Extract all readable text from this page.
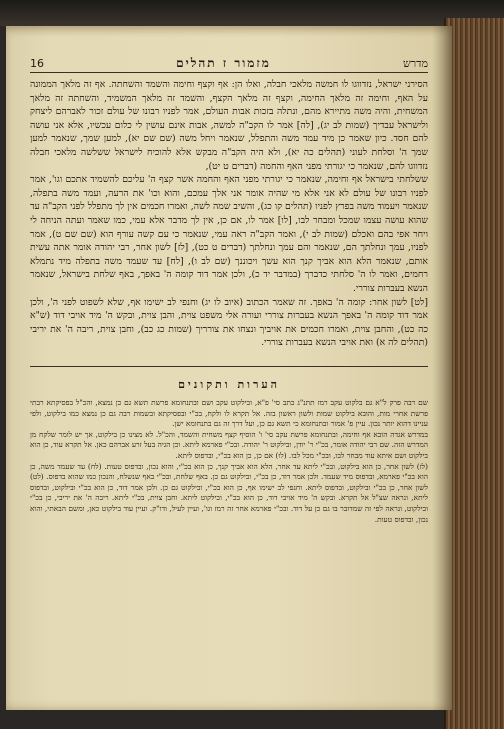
מדרש
מזמור ז תהלים
16

הסירני ישראל, נזדווגו לו חמשה מלאכי חבלה, ואלו הן: אף וקצף וחימה והשמד והשחתה. אף זה מלאך הממונה על האף, וחימה זה מלאך החימה, וקצף זה מלאך הקצף, והשמד זה מלאך המשמיד, והשחתה זה מלאך המשחית, והיה משה מתיירא מהם, ונתלה בזכות אבות העולם, אמר לפניו רבונו של עולם זכור לאברהם ליצחק ולישראל עבדיך (שמות לב יג), [לה] אמר לו הקב"ה למשה, אבות אינם עושין לי כלום עכשיו, אלא אני עושה להם חסד. כיון שאמר כן מיד עמד משה והתפלל, שנאמר ויחל משה (שם שם יא), למען שמך, שנאמר למען שמך ה' וסלחת לעוני (תהלים כה יא), ולא היה הקב"ה מבקש אלא להוכיח לישראל ששלשה מלאכי חבלה נזדווגו להם, שנאמר כי יגורתי מפני האף והחמה (דברים ט יט),

ששלחתי בישראל אף וחימה, שנאמר כי יגורתי מפני האף והחמה אשר קצף ה' עליכם להשמיד אתכם וגו', אמר לפניו רבונו של עולם לא אני אלא מי שהיה אומר אני אלך עמכם, והוא וכו' את הרעה, ועמד משה בתפלה, שנאמר ויעמוד משה בפרץ לפניו (תהלים קו כג), והשיב שמה לשה, ואמרו חכמים אין לך מתפלל לפני הקב"ה עד שהוא עושה עצמו שמכל ומבחר לבו, [לו] אמר לו, אם כן, אין לך מדבר אלא עמי, כמו שאמר ועתה הניחה לי ויחר אפי בהם ואכלם (שמות לב י), ואמר הקב"ה ראה עמי, שנאמר כי עם קשה עורף הוא (שם שם ט), אמר לפניו, עמך ונחלתך הם, שנאמר והם עמך ונחלתך (דברים ט כט), [לז] לשון אחר, רבי יהודה אומר אתה עשית אותם, שנאמר הלא הוא אביך קנך הוא עשך ויכוננך (שם לב ו), [לח] עד שעמד משה בתפלה מיד נתמלא רחמים, ואמר לו ה' סלחתי כדברך (במדבר יד כ), ולכן אמר דוד קומה ה' באפך, באף שלחת בישראל, שנאמר הנשא בעברות צוררי.

[לט] לשון אחר: קומה ה' באפך. זה שאמר הכתוב (איוב לו יג) וחנפי לב ישימו אף, שלא לשפוט לפני ה', ולכן אמר דוד קומה ה' באפך הנשא בעברות צוררי ועורה אלי משפט צוית, והבן צוית, ובקש ה' מיד אויבי דוד (ש"א כה כט), והחבן צוית, ואמרו חכמים את אויביך ונצחו את צורריך (שמות כג כב), וחבן צוית, ריבה ה' את יריבי (תהלים לה א) ואת אויבי הנשא בעברות צוררי.

הערות ותקונים

שם רבה פרק ל"א גם בלקוט עקב רמז תתנ"ג כתב סי' פ"א, ובילקוט עקב ושם ובתנחומא פרשת תשא גם כן נמצא, והכ"ל בפסיקתא רבתי פרשת אחרי מות, והובא בילקוט שמות ולשון ראשון בזה. אל תקרא לו ולקח, בכ"י ובפסיקתא ובשמות רבה גם כן נמצא כמו בילקוט, ולפי עניינו דהוא יותר נכון. עיין פ' אמור ובתנחומא כי תשא גם כן, ועל דרך זה גם בתנחומא ישן.

במדרש אגדה הובא אף וחימה, ובתנחומא פרשת עקב סי' ו' הוסיף קצף משחית והשמד, והכ"ל. לא מצינו כן בילקוט, אך יש לומר שלקח מן המדרש הזה. שם רבי יהודה אומר, בכ"י ר' יודן, ובילקוט ר' יהודה. ובכ"י פארמא ליתא. וכן הגיה בעל זרע אברהם כאן. אל תקרא עוד, כן הוא בילקוט ושם איתא עוד מבחר לבו, ובכ"י מכל לבו. (לו) אם כן, כן הוא בכ"י, ובדפוס ליתא.

(לז) לשון אחר, כן הוא בילקוט, ובכ"י ליתא עד אחר, הלא הוא אביך קנך, כן הוא בכ"י, והוא נכון, ובדפוס טעות. (לח) עד שעמד משה, כן הוא בכ"י פארמא, ובדפוס מיד שעמד. ולכן אמר דוד, כן בכ"י, ובילקוט גם כן. באף שלחת, ובכ"י באף שנשלח, והנכון כמו שהוא בדפוס. (לט) לשון אחר, כן בכ"י ובילקוט, ובדפוס ליתא. וחנפי לב ישימו אף, כן הוא בכ"י, ובילקוט גם כן. ולכן אמר דוד, כן הוא בכ"י ובילקוט, ובדפוס ליתא, ונראה שצ"ל אל תקרא. ובקש ה' מיד אויבי דוד, כן הוא בכ"י, ובילקוט ליתא. וחבן צוית, בכ"י ליתא. ריבה ה' את יריבי, כן בכ"י ובילקוט, ונראה לפי זה שמדובר בו גם כן על דוד. ובכ"י פארמא אחר זה רמז וגו', ועיין לעיל, ודו"ק. ועיין עוד בילקוט כאן, ומשם הבאתי, והוא נכון, ובדפוס טעות.
